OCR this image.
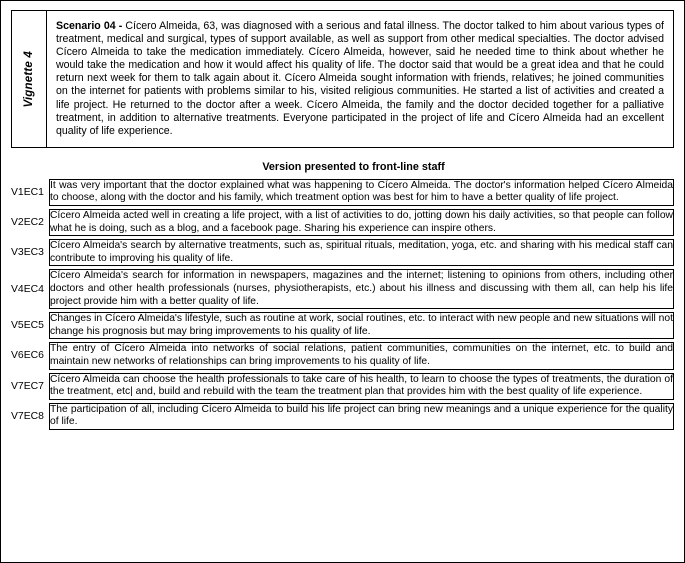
Vignette 4

Scenario 04 - Cícero Almeida, 63, was diagnosed with a serious and fatal illness. The doctor talked to him about various types of treatment, medical and surgical, types of support available, as well as support from other medical specialties. The doctor advised Cícero Almeida to take the medication immediately. Cícero Almeida, however, said he needed time to think about whether he would take the medication and how it would affect his quality of life. The doctor said that would be a great idea and that he could return next week for them to talk again about it. Cícero Almeida sought information with friends, relatives; he joined communities on the internet for patients with problems similar to his, visited religious communities. He started a list of activities and created a life project. He returned to the doctor after a week. Cícero Almeida, the family and the doctor decided together for a palliative treatment, in addition to alternative treatments. Everyone participated in the project of life and Cícero Almeida had an excellent quality of life experience.

Version presented to front-line staff
V1EC1	It was very important that the doctor explained what was happening to Cícero Almeida. The doctor's information helped Cícero Almeida to choose, along with the doctor and his family, which treatment option was best for him to have a better quality of life project.

V2EC2	Cícero Almeida acted well in creating a life project, with a list of activities to do, jotting down his daily activities, so that people can follow what he is doing, such as a blog, and a facebook page. Sharing his experience can inspire others.

V3EC3	Cícero Almeida's search by alternative treatments, such as, spiritual rituals, meditation, yoga, etc. and sharing with his medical staff can contribute to improving his quality of life.

V4EC4	Cícero Almeida's search for information in newspapers, magazines and the internet; listening to opinions from others, including other doctors and other health professionals (nurses, physiotherapists, etc.) about his illness and discussing with them all, can help his life project provide him with a better quality of life.

V5EC5	Changes in Cícero Almeida's lifestyle, such as routine at work, social routines, etc. to interact with new people and new situations will not change his prognosis but may bring improvements to his quality of life.

V6EC6	The entry of Cícero Almeida into networks of social relations, patient communities, communities on the internet, etc. to build and maintain new networks of relationships can bring improvements to his quality of life.

V7EC7	Cícero Almeida can choose the health professionals to take care of his health, to learn to choose the types of treatments, the duration of the treatment, etc| and, build and rebuild with the team the treatment plan that provides him with the best quality of life experience.

V7EC8	The participation of all, including Cícero Almeida to build his life project can bring new meanings and a unique experience for the quality of life.
